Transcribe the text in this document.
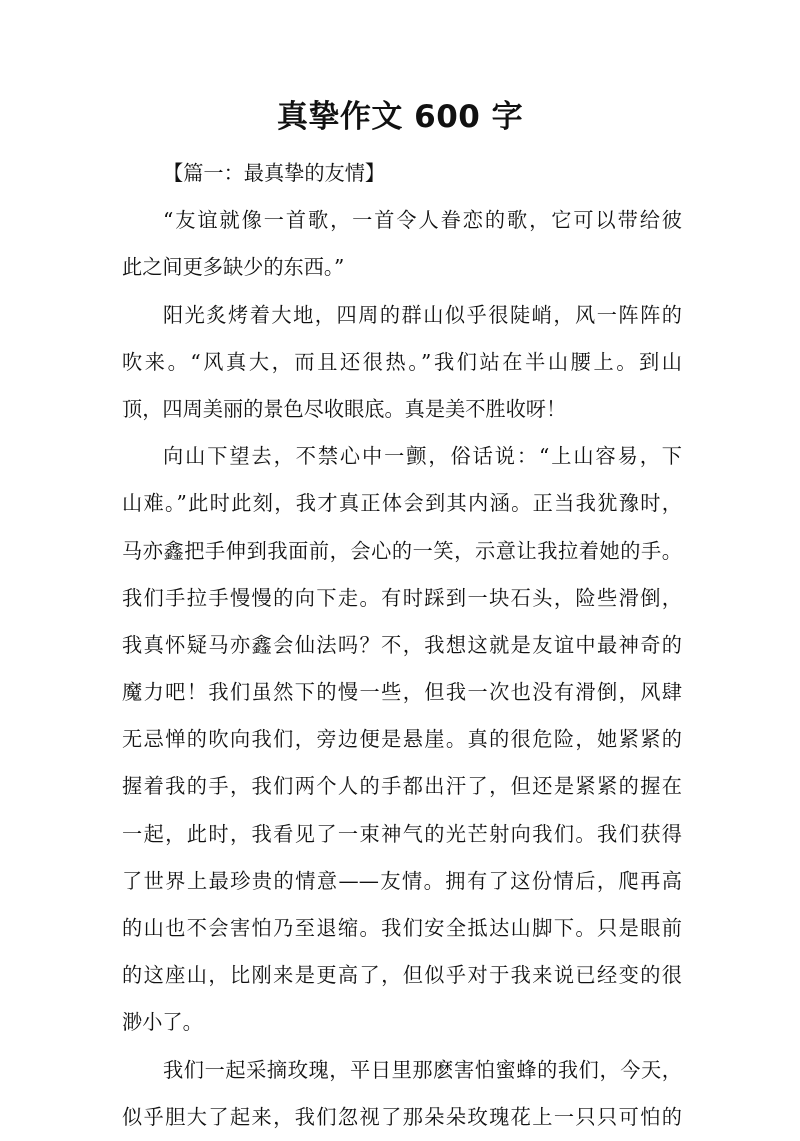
真挚作文 600 字
【篇一：最真挚的友情】
“友谊就像一首歌，一首令人眷恋的歌，它可以带给彼
此之间更多缺少的东西。”
阳光炙烤着大地，四周的群山似乎很陡峭，风一阵阵的
吹来。“风真大，而且还很热。”我们站在半山腰上。到山
顶，四周美丽的景色尽收眼底。真是美不胜收呀！
向山下望去，不禁心中一颤，俗话说：“上山容易，下
山难。”此时此刻，我才真正体会到其内涵。正当我犹豫时，
马亦鑫把手伸到我面前，会心的一笑，示意让我拉着她的手。
我们手拉手慢慢的向下走。有时踩到一块石头，险些滑倒，
我真怀疑马亦鑫会仙法吗？不，我想这就是友谊中最神奇的
魔力吧！我们虽然下的慢一些，但我一次也没有滑倒，风肆
无忌惮的吹向我们，旁边便是悬崖。真的很危险，她紧紧的
握着我的手，我们两个人的手都出汗了，但还是紧紧的握在
一起，此时，我看见了一束神气的光芒射向我们。我们获得
了世界上最珍贵的情意——友情。拥有了这份情后，爬再高
的山也不会害怕乃至退缩。我们安全抵达山脚下。只是眼前
的这座山，比刚来是更高了，但似乎对于我来说已经变的很
渺小了。
我们一起采摘玫瑰，平日里那麽害怕蜜蜂的我们，今天，
似乎胆大了起来，我们忽视了那朵朵玫瑰花上一只只可怕的
